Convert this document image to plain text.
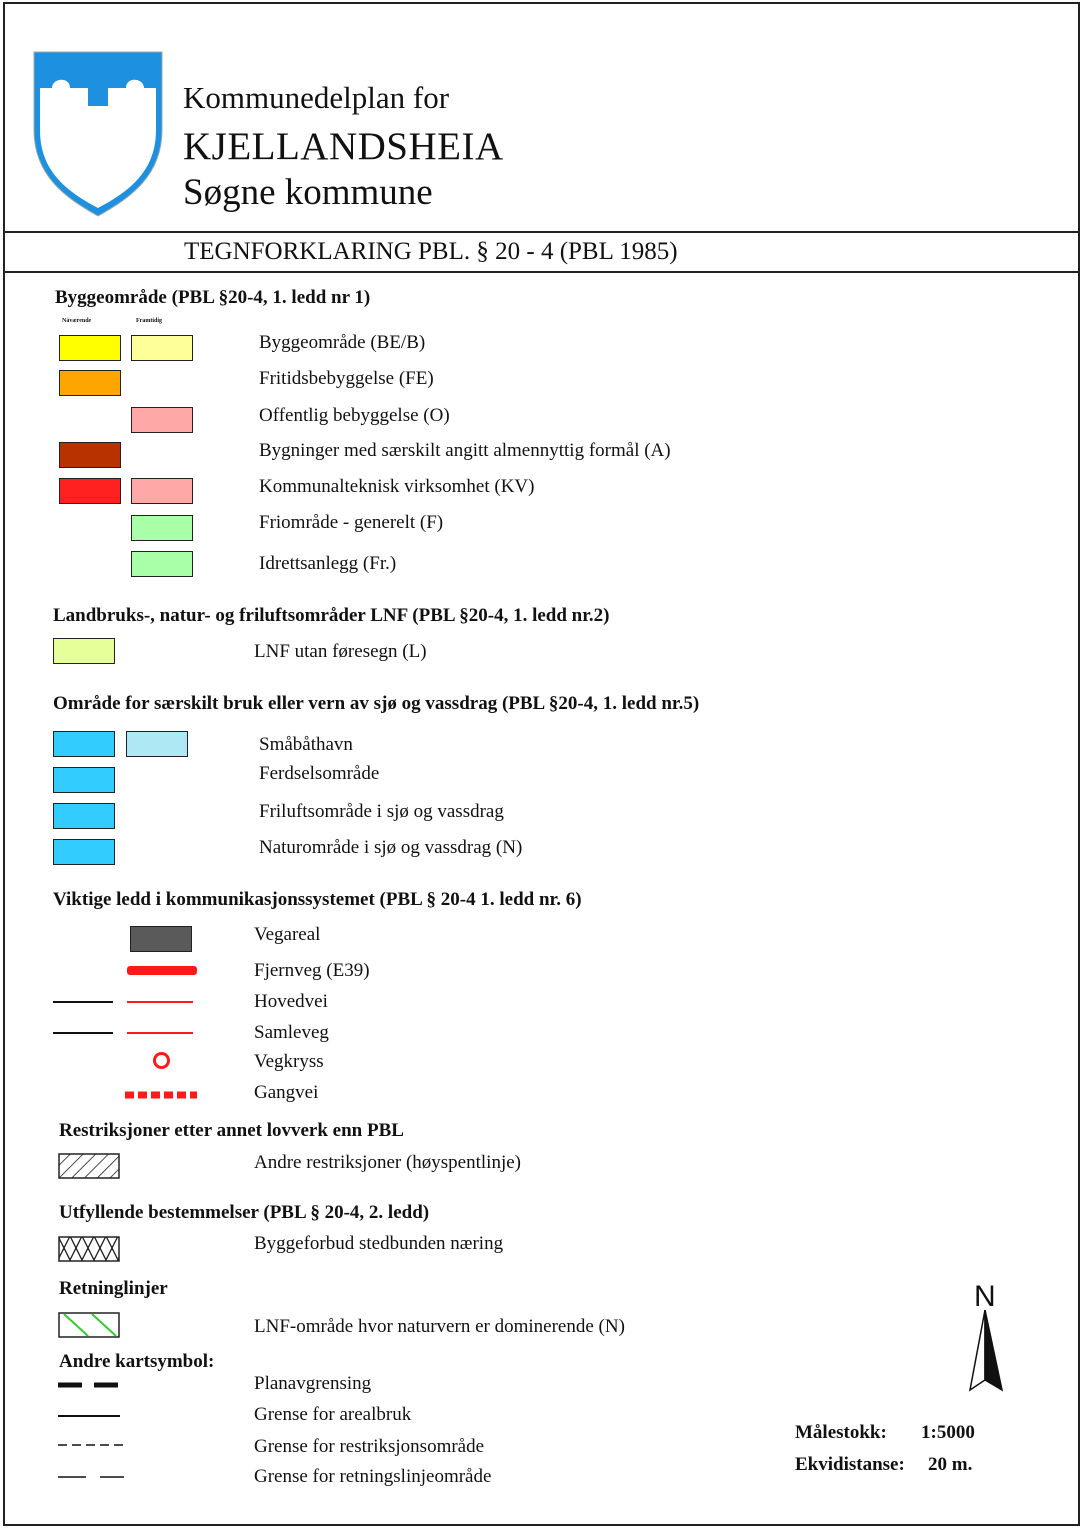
Kommunedelplan for
KJELLANDSHEIA
Søgne kommune
TEGNFORKLARING PBL. § 20 - 4 (PBL 1985)
Byggeområde (PBL §20-4, 1. ledd nr 1)
Nåværende	Framtidig
Byggeområde (BE/B)
Fritidsbebyggelse (FE)
Offentlig bebyggelse (O)
Bygninger med særskilt angitt almennyttig formål (A)
Kommunalteknisk virksomhet (KV)
Friområde - generelt (F)
Idrettsanlegg (Fr.)
Landbruks-, natur- og friluftsområder LNF (PBL §20-4, 1. ledd nr.2)
LNF utan føresegn (L)
Område for særskilt bruk eller vern av sjø og vassdrag (PBL §20-4, 1. ledd nr.5)
Småbåthavn
Ferdselsområde
Friluftsområde i sjø og vassdrag
Naturområde i sjø og vassdrag (N)
Viktige ledd i kommunikasjonssystemet (PBL § 20-4 1. ledd nr. 6)
Vegareal
Fjernveg (E39)
Hovedvei
Samleveg
Vegkryss
Gangvei
Restriksjoner etter annet lovverk enn PBL
Andre restriksjoner (høyspentlinje)
Utfyllende bestemmelser (PBL § 20-4, 2. ledd)
Byggeforbud stedbunden næring
Retninglinjer
LNF-område hvor naturvern er dominerende (N)
Andre kartsymbol:
Planavgrensing
Grense for arealbruk
Grense for restriksjonsområde
Grense for retningslinjeområde
N
Målestokk: 1:5000
Ekvidistanse: 20 m.
